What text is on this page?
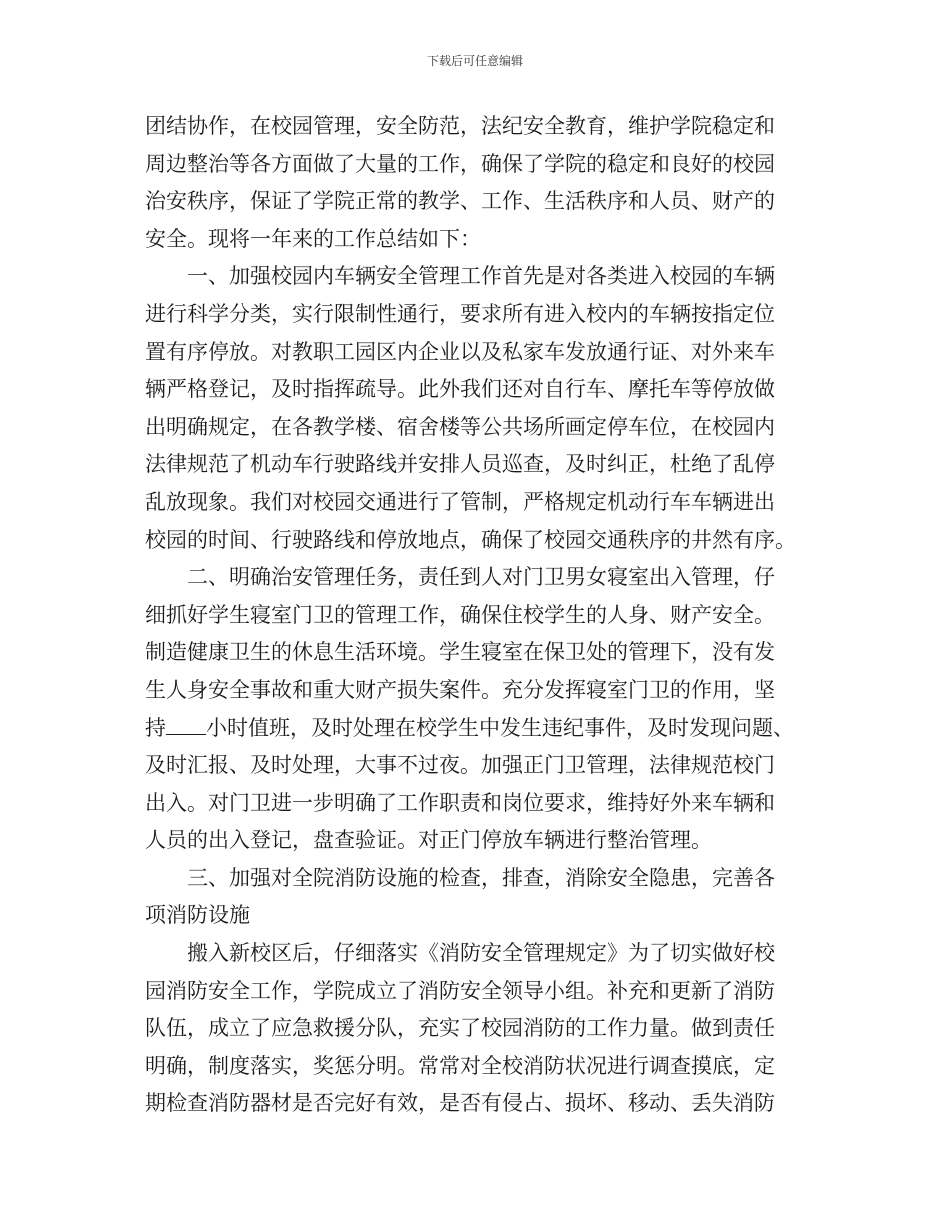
下载后可任意编辑
团结协作，在校园管理，安全防范，法纪安全教育，维护学院稳定和
周边整治等各方面做了大量的工作，确保了学院的稳定和良好的校园
治安秩序，保证了学院正常的教学、工作、生活秩序和人员、财产的
安全。现将一年来的工作总结如下：
一、加强校园内车辆安全管理工作首先是对各类进入校园的车辆
进行科学分类，实行限制性通行，要求所有进入校内的车辆按指定位
置有序停放。对教职工园区内企业以及私家车发放通行证、对外来车
辆严格登记，及时指挥疏导。此外我们还对自行车、摩托车等停放做
出明确规定，在各教学楼、宿舍楼等公共场所画定停车位，在校园内
法律规范了机动车行驶路线并安排人员巡查，及时纠正，杜绝了乱停
乱放现象。我们对校园交通进行了管制，严格规定机动行车车辆进出
校园的时间、行驶路线和停放地点，确保了校园交通秩序的井然有序。
二、明确治安管理任务，责任到人对门卫男女寝室出入管理，仔
细抓好学生寝室门卫的管理工作，确保住校学生的人身、财产安全。
制造健康卫生的休息生活环境。学生寝室在保卫处的管理下，没有发
生人身安全事故和重大财产损失案件。充分发挥寝室门卫的作用，坚
持 小时值班，及时处理在校学生中发生违纪事件，及时发现问题、
及时汇报、及时处理，大事不过夜。加强正门卫管理，法律规范校门
出入。对门卫进一步明确了工作职责和岗位要求，维持好外来车辆和
人员的出入登记，盘查验证。对正门停放车辆进行整治管理。
三、加强对全院消防设施的检查，排查，消除安全隐患，完善各
项消防设施
搬入新校区后，仔细落实《消防安全管理规定》为了切实做好校
园消防安全工作，学院成立了消防安全领导小组。补充和更新了消防
队伍，成立了应急救援分队，充实了校园消防的工作力量。做到责任
明确，制度落实，奖惩分明。常常对全校消防状况进行调查摸底，定
期检查消防器材是否完好有效，是否有侵占、损坏、移动、丢失消防
